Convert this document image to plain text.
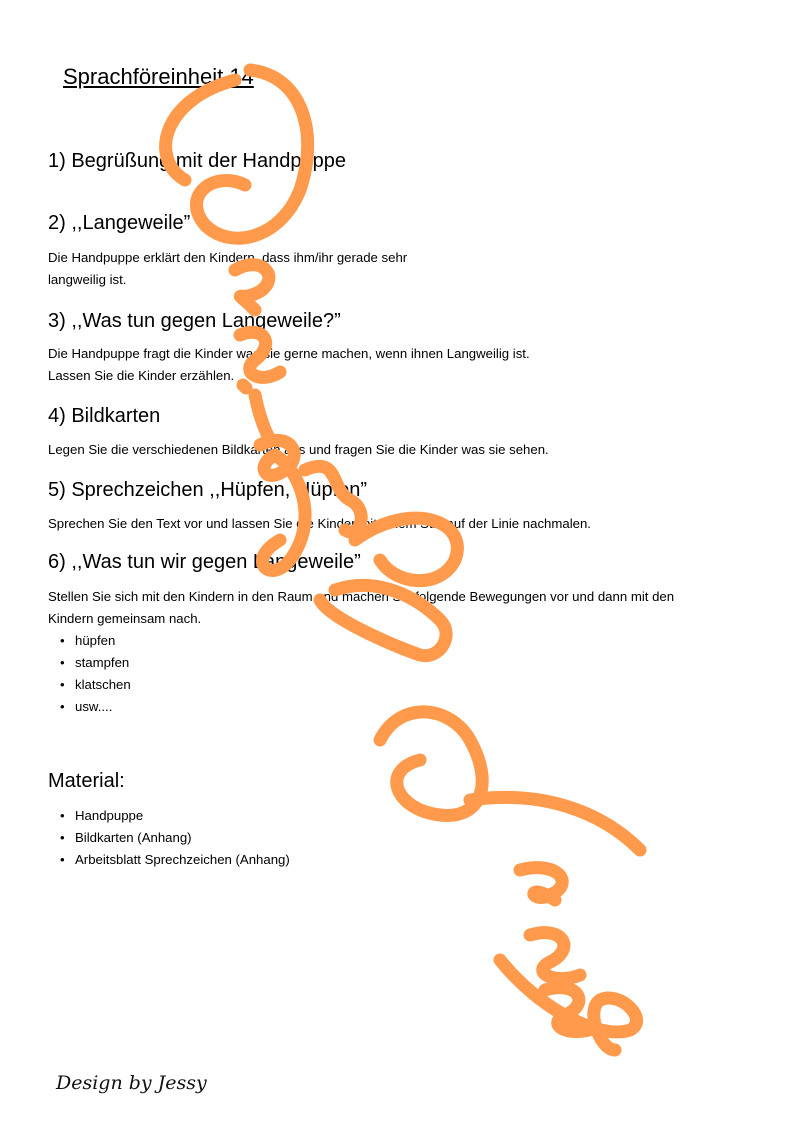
Sprachföreinheit 14
1) Begrüßung mit der Handpuppe
2) ,,Langeweile”

Die Handpuppe erklärt den Kindern, dass ihm/ihr gerade sehr
langweilig ist.

3) ,,Was tun gegen Langeweile?”

Die Handpuppe fragt die Kinder was sie gerne machen, wenn ihnen Langweilig ist.
Lassen Sie die Kinder erzählen.

4) Bildkarten

Legen Sie die verschiedenen Bildkarten aus und fragen Sie die Kinder was sie sehen.

5) Sprechzeichen ,,Hüpfen, Hüpfen”

Sprechen Sie den Text vor und lassen Sie die Kinder mit einem Stift auf der Linie nachmalen.

6) ,,Was tun wir gegen Langeweile”

Stellen Sie sich mit den Kindern in den Raum und machen Sie folgende Bewegungen vor und dann mit den
Kindern gemeinsam nach.

• hüpfen
• stampfen
• klatschen
• usw....
Material:
• Handpuppe
• Bildkarten (Anhang)
• Arbeitsblatt Sprechzeichen (Anhang)
Design by Jessy
